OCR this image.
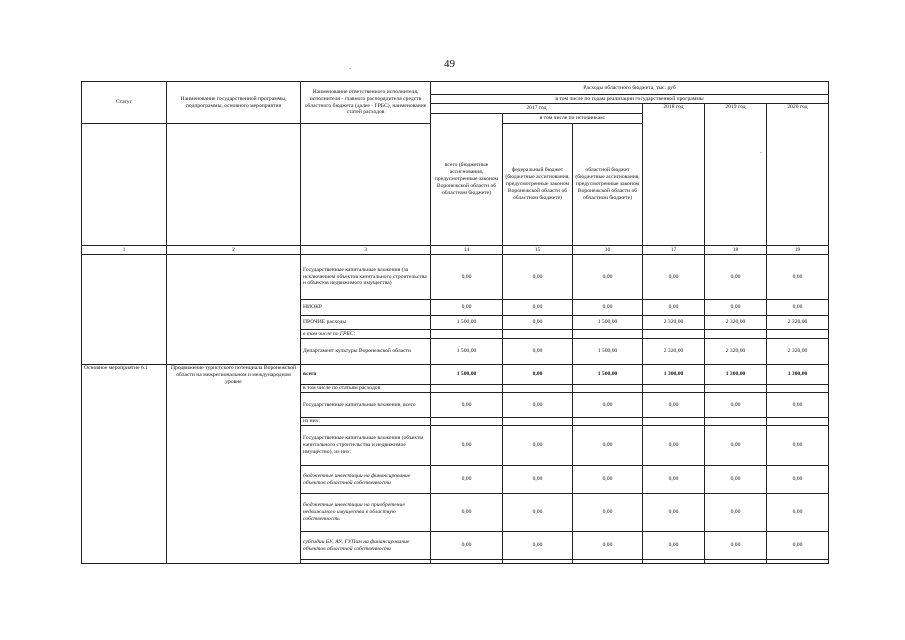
49
.
.
Статус	Наименование государственной программы, подпрограммы, основного мероприятия	Наименование ответственного исполнителя, исполнителя - главного распорядителя средств областного бюджета (далее - ГРБС), наименование статей расходов	Расходы областного бюджета, тыс. руб					
			в том числе по годам реализации государственной программы					
			2017 год			2018 год	2019 год	2020 год
			всего (бюджетные ассигнования, предусмотренные законом Воронежской области об областном бюджете)	в том числе по источникам:				
				федеральный бюджет (бюджетные ассигнования, предусмотренные законом Воронежской области об областном бюджете)	областной бюджет (бюджетные ассигнования, предусмотренные законом Воронежской области об областном бюджете)			
1	2	3	14	15	16	17	18	19
		Государственные капитальные вложения (за исключением объектов капитального строительства и объектов недвижимого имущества)	0,00	0,00	0,00	0,00	0,00	0,00
		НИОКР	0,00	0,00	0,00	0,00	0,00	0,00
		ПРОЧИЕ расходы	1 500,00	0,00	1 500,00	2 320,00	2 320,00	2 320,00
		в том числе по ГРБС:						
		Департамент культуры Воронежской области	1 500,00	0,00	1 500,00	2 320,00	2 320,00	2 320,00
Основное мероприятие 6.1	Продвижение туристского потенциала Воронежской области на межрегиональном и международном уровне	всего	1 500,00	0,00	1 500,00	1 300,00	1 300,00	1 300,00
		в том числе по статьям расходов						
		Государственные капитальные вложения, всего	0,00	0,00	0,00	0,00	0,00	0,00
		из них:						
		Государственные капитальные вложения (объекты капитального строительства и недвижимое имущество), из них:	0,00	0,00	0,00	0,00	0,00	0,00
		бюджетные инвестиции на финансирование объектов областной собственности	0,00	0,00	0,00	0,00	0,00	0,00
		бюджетные инвестиции на приобретение недвижимого имущества в областную собственность	0,00	0,00	0,00	0,00	0,00	0,00
		субсидии БУ, АУ, ГУПам на финансирование объектов областной собственности	0,00	0,00	0,00	0,00	0,00	0,00
